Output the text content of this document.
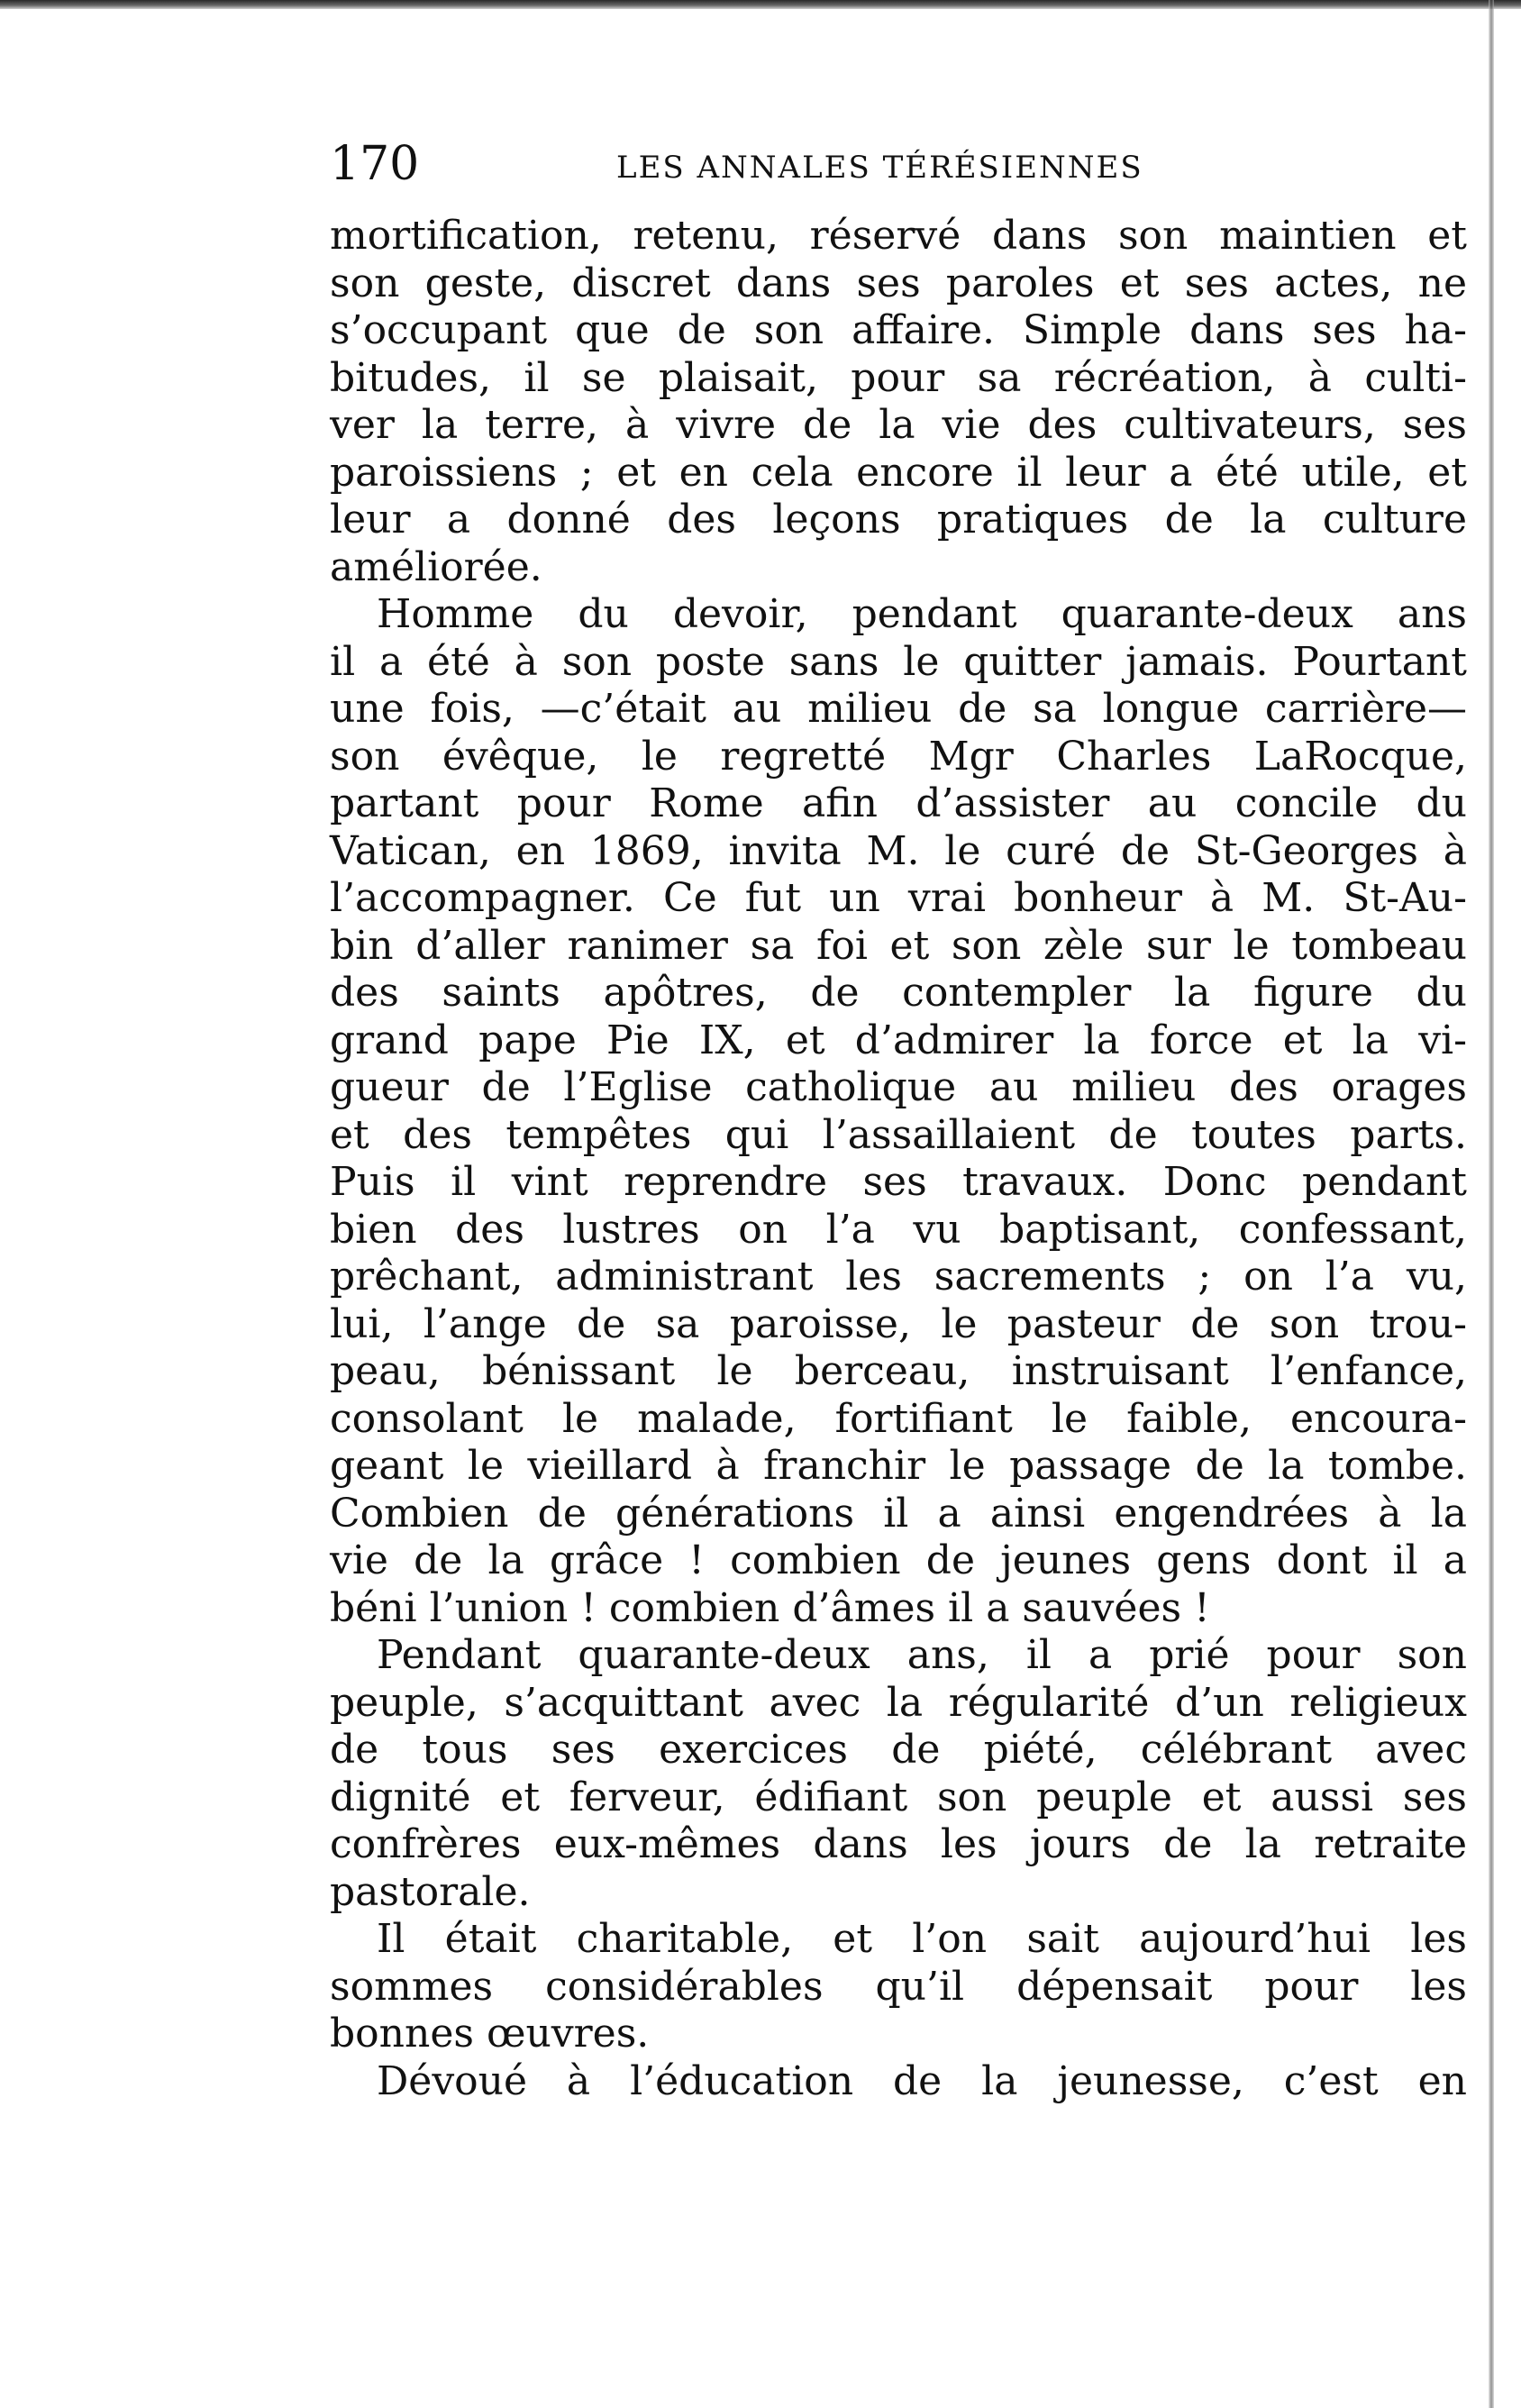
170	LES ANNALES TÉRÉSIENNES
mortification, retenu, réservé dans son maintien et
son geste, discret dans ses paroles et ses actes, ne
s’occupant que de son affaire. Simple dans ses ha-
bitudes, il se plaisait, pour sa récréation, à culti-
ver la terre, à vivre de la vie des cultivateurs, ses
paroissiens ; et en cela encore il leur a été utile, et
leur a donné des leçons pratiques de la culture
améliorée.
Homme du devoir, pendant quarante-deux ans
il a été à son poste sans le quitter jamais. Pourtant
une fois, —c’était au milieu de sa longue carrière—
son évêque, le regretté Mgr Charles LaRocque,
partant pour Rome afin d’assister au concile du
Vatican, en 1869, invita M. le curé de St-Georges à
l’accompagner. Ce fut un vrai bonheur à M. St-Au-
bin d’aller ranimer sa foi et son zèle sur le tombeau
des saints apôtres, de contempler la figure du
grand pape Pie IX, et d’admirer la force et la vi-
gueur de l’Eglise catholique au milieu des orages
et des tempêtes qui l’assaillaient de toutes parts.
Puis il vint reprendre ses travaux. Donc pendant
bien des lustres on l’a vu baptisant, confessant,
prêchant, administrant les sacrements ; on l’a vu,
lui, l’ange de sa paroisse, le pasteur de son trou-
peau, bénissant le berceau, instruisant l’enfance,
consolant le malade, fortifiant le faible, encoura-
geant le vieillard à franchir le passage de la tombe.
Combien de générations il a ainsi engendrées à la
vie de la grâce ! combien de jeunes gens dont il a
béni l’union ! combien d’âmes il a sauvées !
Pendant quarante-deux ans, il a prié pour son
peuple, s’acquittant avec la régularité d’un religieux
de tous ses exercices de piété, célébrant avec
dignité et ferveur, édifiant son peuple et aussi ses
confrères eux-mêmes dans les jours de la retraite
pastorale.
Il était charitable, et l’on sait aujourd’hui les
sommes considérables qu’il dépensait pour les
bonnes œuvres.
Dévoué à l’éducation de la jeunesse, c’est en
